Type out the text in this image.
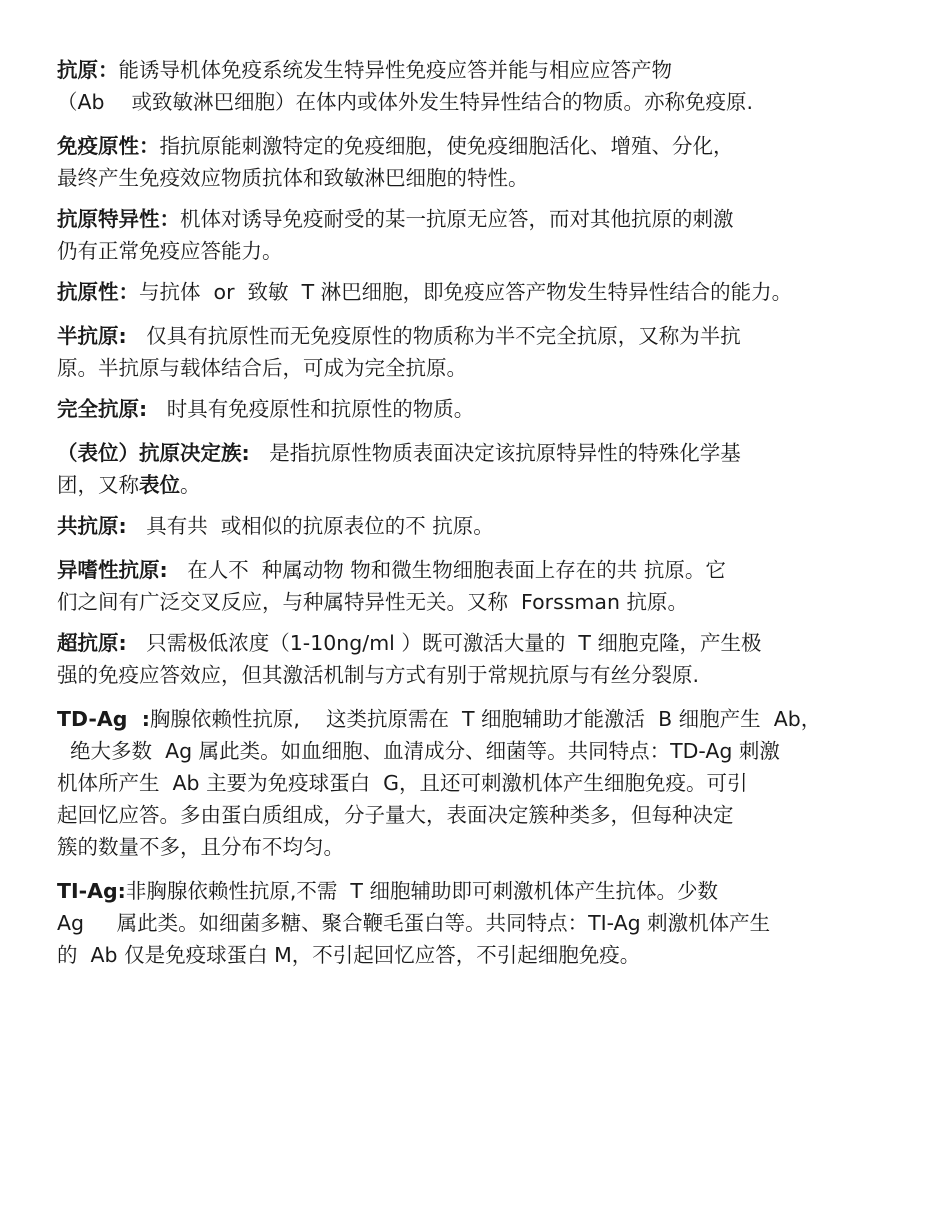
抗原：能诱导机体免疫系统发生特异性免疫应答并能与相应应答产物
（Ab　 或致敏淋巴细胞）在体内或体外发生特异性结合的物质。亦称免疫原.

免疫原性：指抗原能刺激特定的免疫细胞，使免疫细胞活化、增殖、分化，
最终产生免疫效应物质抗体和致敏淋巴细胞的特性。

抗原特异性：机体对诱导免疫耐受的某一抗原无应答，而对其他抗原的刺激
仍有正常免疫应答能力。

抗原性：与抗体  or  致敏  T 淋巴细胞，即免疫应答产物发生特异性结合的能力。

半抗原:   仅具有抗原性而无免疫原性的物质称为半不完全抗原，又称为半抗
原。半抗原与载体结合后，可成为完全抗原。

完全抗原:   时具有免疫原性和抗原性的物质。

（表位）抗原决定族:   是指抗原性物质表面决定该抗原特异性的特殊化学基
团，又称表位。

共抗原:   具有共  或相似的抗原表位的不 抗原。

异嗜性抗原:   在人不  种属动物 物和微生物细胞表面上存在的共 抗原。它
们之间有广泛交叉反应，与种属特异性无关。又称  Forssman 抗原。

超抗原:   只需极低浓度（1-10ng/ml ）既可激活大量的  T 细胞克隆，产生极
强的免疫应答效应，但其激活机制与方式有别于常规抗原与有丝分裂原.

TD-Ag  :胸腺依赖性抗原,    这类抗原需在  T 细胞辅助才能激活  B 细胞产生  Ab，
绝大多数  Ag 属此类。如血细胞、血清成分、细菌等。共同特点：TD-Ag 刺激
机体所产生  Ab 主要为免疫球蛋白  G，且还可刺激机体产生细胞免疫。可引
起回忆应答。多由蛋白质组成，分子量大，表面决定簇种类多，但每种决定
簇的数量不多，且分布不均匀。

TI-Ag:非胸腺依赖性抗原,不需  T 细胞辅助即可刺激机体产生抗体。少数
Ag     属此类。如细菌多糖、聚合鞭毛蛋白等。共同特点：TI-Ag 刺激机体产生
的  Ab 仅是免疫球蛋白 M，不引起回忆应答，不引起细胞免疫。
